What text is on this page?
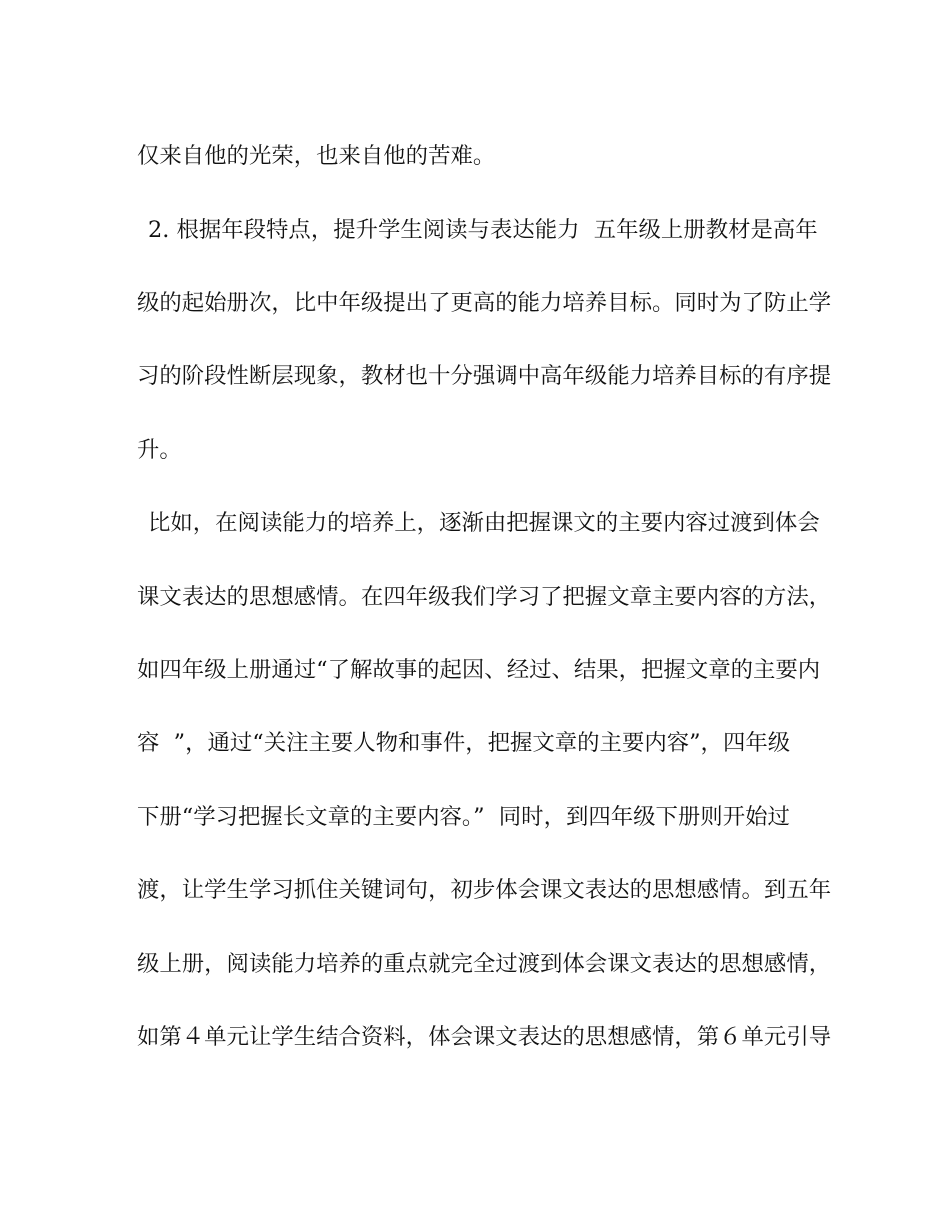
仅来自他的光荣，也来自他的苦难。
2. 根据年段特点，提升学生阅读与表达能力  五年级上册教材是高年
级的起始册次，比中年级提出了更高的能力培养目标。同时为了防止学
习的阶段性断层现象，教材也十分强调中高年级能力培养目标的有序提
升。
比如，在阅读能力的培养上，逐渐由把握课文的主要内容过渡到体会
课文表达的思想感情。在四年级我们学习了把握文章主要内容的方法，
如四年级上册通过“了解故事的起因、经过、结果，把握文章的主要内
容  ”，通过“关注主要人物和事件，把握文章的主要内容”，四年级
下册“学习把握长文章的主要内容。”  同时，到四年级下册则开始过
渡，让学生学习抓住关键词句，初步体会课文表达的思想感情。到五年
级上册，阅读能力培养的重点就完全过渡到体会课文表达的思想感情，
如第４单元让学生结合资料，体会课文表达的思想感情，第６单元引导
